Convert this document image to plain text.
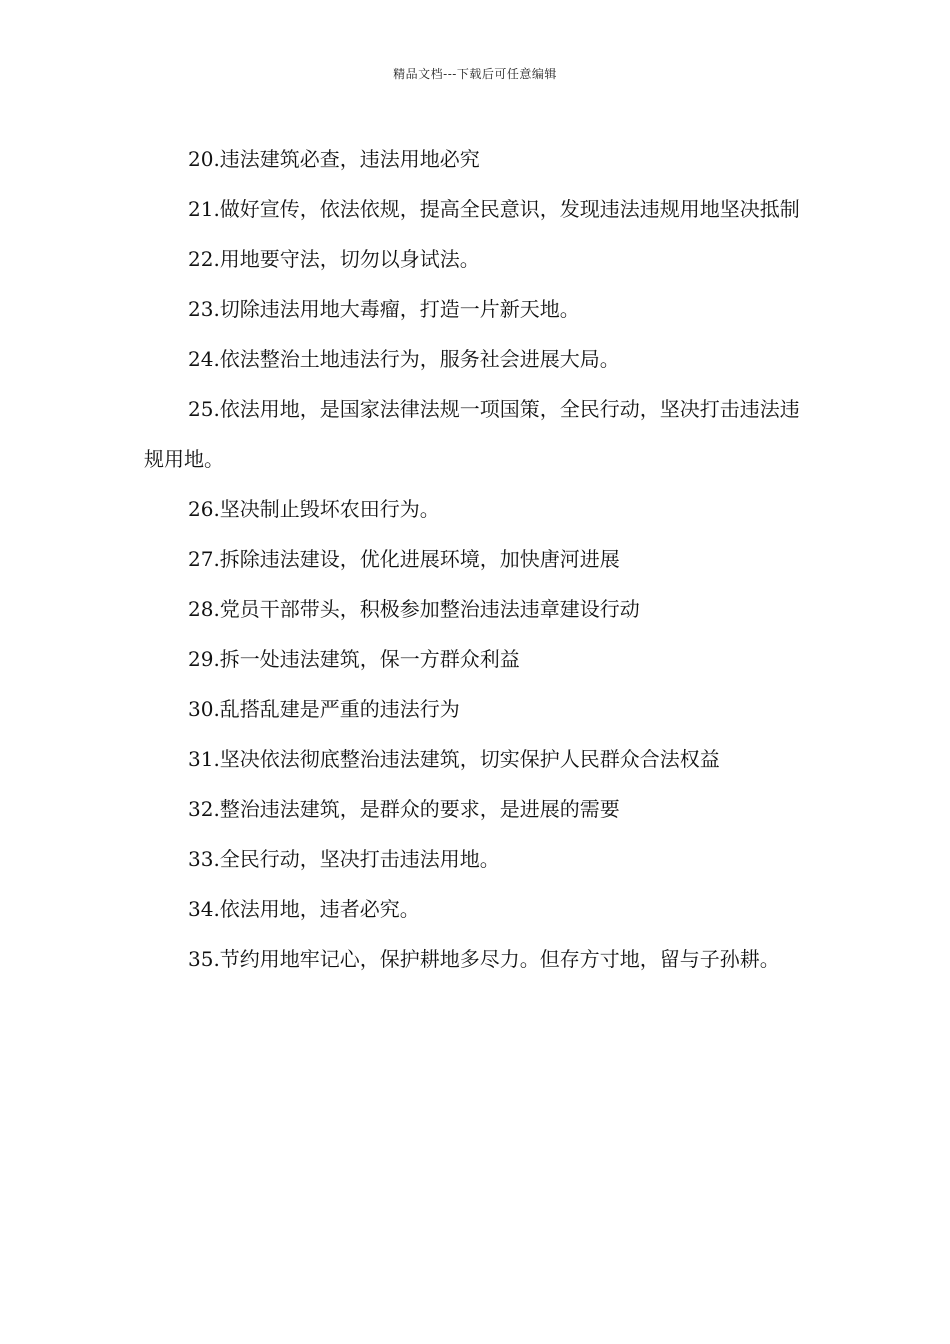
精品文档---下载后可任意编辑

20.违法建筑必查，违法用地必究

21.做好宣传，依法依规，提高全民意识，发现违法违规用地坚决抵制

22.用地要守法，切勿以身试法。

23.切除违法用地大毒瘤，打造一片新天地。

24.依法整治土地违法行为，服务社会进展大局。

25.依法用地，是国家法律法规一项国策，全民行动，坚决打击违法违规用地。

26.坚决制止毁坏农田行为。

27.拆除违法建设，优化进展环境，加快唐河进展

28.党员干部带头，积极参加整治违法违章建设行动

29.拆一处违法建筑，保一方群众利益

30.乱搭乱建是严重的违法行为

31.坚决依法彻底整治违法建筑，切实保护人民群众合法权益

32.整治违法建筑，是群众的要求，是进展的需要

33.全民行动，坚决打击违法用地。

34.依法用地，违者必究。

35.节约用地牢记心，保护耕地多尽力。但存方寸地，留与子孙耕。
